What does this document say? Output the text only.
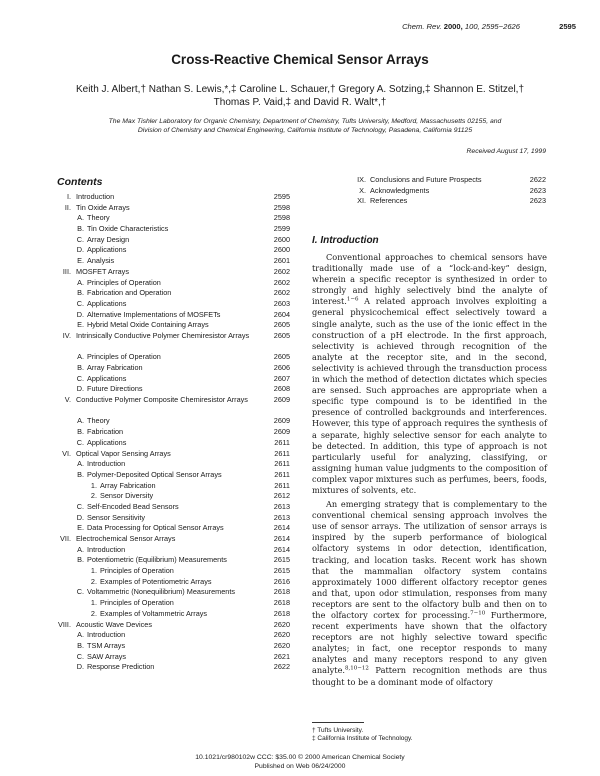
Chem. Rev. 2000, 100, 2595−2626	2595
Cross-Reactive Chemical Sensor Arrays
Keith J. Albert,† Nathan S. Lewis,*,‡ Caroline L. Schauer,† Gregory A. Sotzing,‡ Shannon E. Stitzel,†
Thomas P. Vaid,‡ and David R. Walt*,†
The Max Tishler Laboratory for Organic Chemistry, Department of Chemistry, Tufts University, Medford, Massachusetts 02155, and
Division of Chemistry and Chemical Engineering, California Institute of Technology, Pasadena, California 91125
Received August 17, 1999
Contents
I. Introduction	2595
II. Tin Oxide Arrays	2598
A. Theory	2598
B. Tin Oxide Characteristics	2599
C. Array Design	2600
D. Applications	2600
E. Analysis	2601
III. MOSFET Arrays	2602
A. Principles of Operation	2602
B. Fabrication and Operation	2602
C. Applications	2603
D. Alternative Implementations of MOSFETs	2604
E. Hybrid Metal Oxide Containing Arrays	2605
IV. Intrinsically Conductive Polymer Chemiresistor Arrays	2605
A. Principles of Operation	2605
B. Array Fabrication	2606
C. Applications	2607
D. Future Directions	2608
V. Conductive Polymer Composite Chemiresistor Arrays	2609
A. Theory	2609
B. Fabrication	2609
C. Applications	2611
VI. Optical Vapor Sensing Arrays	2611
A. Introduction	2611
B. Polymer-Deposited Optical Sensor Arrays	2611
1. Array Fabrication	2611
2. Sensor Diversity	2612
C. Self-Encoded Bead Sensors	2613
D. Sensor Sensitivity	2613
E. Data Processing for Optical Sensor Arrays	2614
VII. Electrochemical Sensor Arrays	2614
A. Introduction	2614
B. Potentiometric (Equilibrium) Measurements	2615
1. Principles of Operation	2615
2. Examples of Potentiometric Arrays	2616
C. Voltammetric (Nonequilibrium) Measurements	2618
1. Principles of Operation	2618
2. Examples of Voltammetric Arrays	2618
VIII. Acoustic Wave Devices	2620
A. Introduction	2620
B. TSM Arrays	2620
C. SAW Arrays	2621
D. Response Prediction	2622
IX. Conclusions and Future Prospects	2622
X. Acknowledgments	2623
XI. References	2623
I. Introduction

Conventional approaches to chemical sensors have traditionally made use of a “lock-and-key” design, wherein a specific receptor is synthesized in order to strongly and highly selectively bind the analyte of interest.$^{1-6}$ A related approach involves exploiting a general physicochemical effect selectively toward a single analyte, such as the use of the ionic effect in the construction of a pH electrode. In the first approach, selectivity is achieved through recognition of the analyte at the receptor site, and in the second, selectivity is achieved through the transduction process in which the method of detection dictates which species are sensed. Such approaches are appropriate when a specific type compound is to be identified in the presence of controlled backgrounds and interferences. However, this type of approach requires the synthesis of a separate, highly selective sensor for each analyte to be detected. In addition, this type of approach is not particularly useful for analyzing, classifying, or assigning human value judgments to the composition of complex vapor mixtures such as perfumes, beers, foods, mixtures of solvents, etc.

An emerging strategy that is complementary to the conventional chemical sensing approach involves the use of sensor arrays. The utilization of sensor arrays is inspired by the superb performance of biological olfactory systems in odor detection, identification, tracking, and location tasks. Recent work has shown that the mammalian olfactory system contains approximately 1000 different olfactory receptor genes and that, upon odor stimulation, responses from many receptors are sent to the olfactory bulb and then on to the olfactory cortex for processing.$^{7-10}$ Furthermore, recent experiments have shown that the olfactory receptors are not highly selective toward specific analytes; in fact, one receptor responds to many analytes and many receptors respond to any given analyte.$^{8,10-12}$ Pattern recognition methods are thus thought to be a dominant mode of olfactory

† Tufts University.
‡ California Institute of Technology.
10.1021/cr980102w CCC: $35.00 © 2000 American Chemical Society
Published on Web 06/24/2000
